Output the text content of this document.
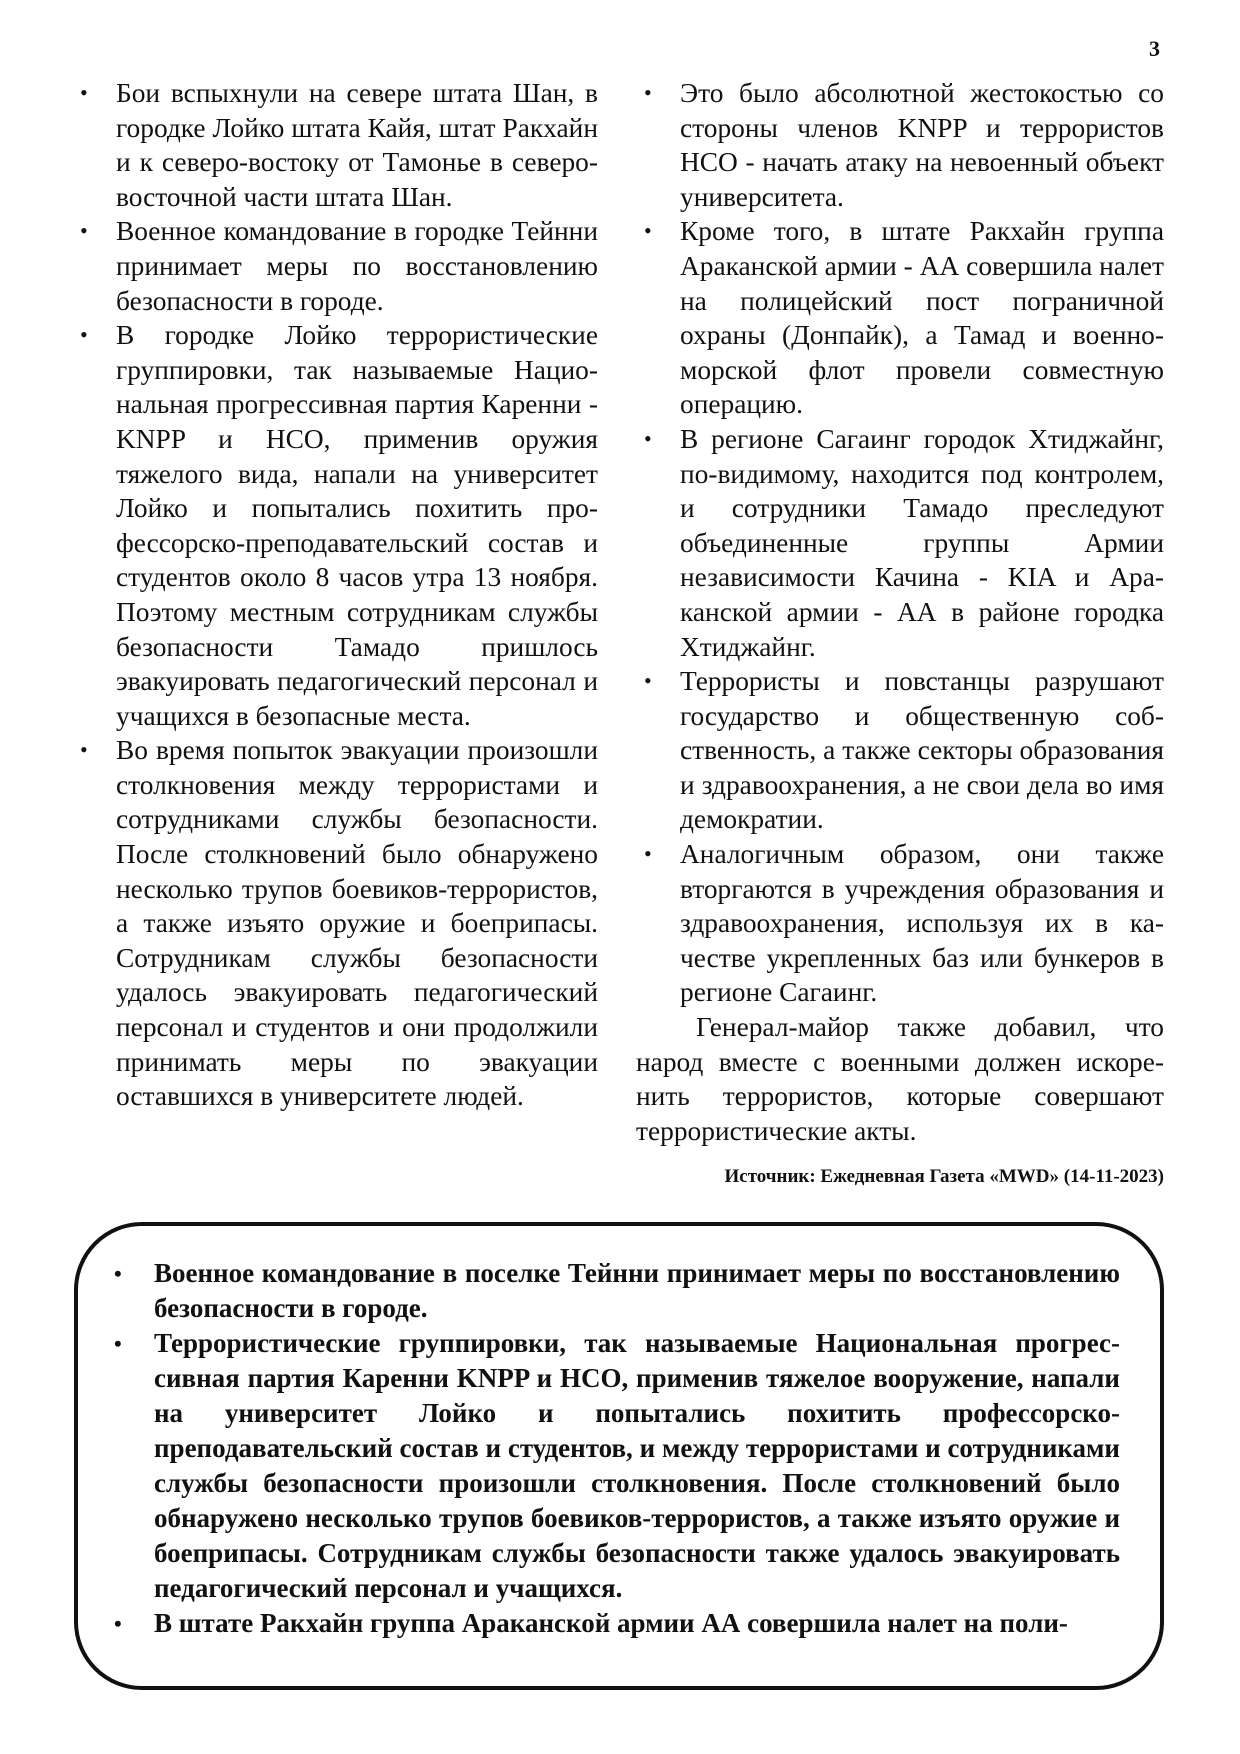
3
• Бои вспыхнули на севере штата Шан, в городке Лойко штата Кайя, штат Ракхайн и к северо-востоку от Тамонье в северо-восточной части штата Шан.
• Военное командование в городке Тейнни принимает меры по восстановлению безопасности в городе.
• В городке Лойко террористические группировки, так называемые Национальная прогрессивная партия Каренни - KNPP и НСО, применив оружия тяжелого вида, напали на университет Лойко и попытались похитить профессорско-преподавательский состав и студентов около 8 часов утра 13 ноября. Поэтому местным сотрудникам службы безопасности Тамадо пришлось эвакуировать педагогический персонал и учащихся в безопасные места.
• Во время попыток эвакуации произошли столкновения между террористами и сотрудниками службы безопасности. После столкновений было обнаружено несколько трупов боевиков-террористов, а также изъято оружие и боеприпасы. Сотрудникам службы безопасности удалось эвакуировать педагогический персонал и студентов и они продолжили принимать меры по эвакуации оставшихся в университете людей.
• Это было абсолютной жестокостью со стороны членов KNPP и террористов НСО - начать атаку на невоенный объект университета.
• Кроме того, в штате Ракхайн группа Араканской армии - АА совершила налет на полицейский пост пограничной охраны (Донпайк), а Тамад и военно-морской флот провели совместную операцию.
• В регионе Сагаинг городок Хтиджайнг, по-видимому, находится под контролем, и сотрудники Тамадо преследуют объединенные группы Армии независимости Качина - KIA и Араканской армии - АА в районе городка Хтиджайнг.
• Террористы и повстанцы разрушают государство и общественную собственность, а также секторы образования и здравоохранения, а не свои дела во имя демократии.
• Аналогичным образом, они также вторгаются в учреждения образования и здравоохранения, используя их в качестве укрепленных баз или бункеров в регионе Сагаинг.

Генерал-майор также добавил, что народ вместе с военными должен искоренить террористов, которые совершают террористические акты.

Источник: Ежедневная Газета «MWD» (14-11-2023)
• Военное командование в поселке Тейнни принимает меры по восстановлению безопасности в городе.
• Террористические группировки, так называемые Национальная прогрессивная партия Каренни KNPP и НСО, применив тяжелое вооружение, напали на университет Лойко и попытались похитить профессорско-преподавательский состав и студентов, и между террористами и сотрудниками службы безопасности произошли столкновения. После столкновений было обнаружено несколько трупов боевиков-террористов, а также изъято оружие и боеприпасы. Сотрудникам службы безопасности также удалось эвакуировать педагогический персонал и учащихся.
• В штате Ракхайн группа Араканской армии АА совершила налет на поли-
